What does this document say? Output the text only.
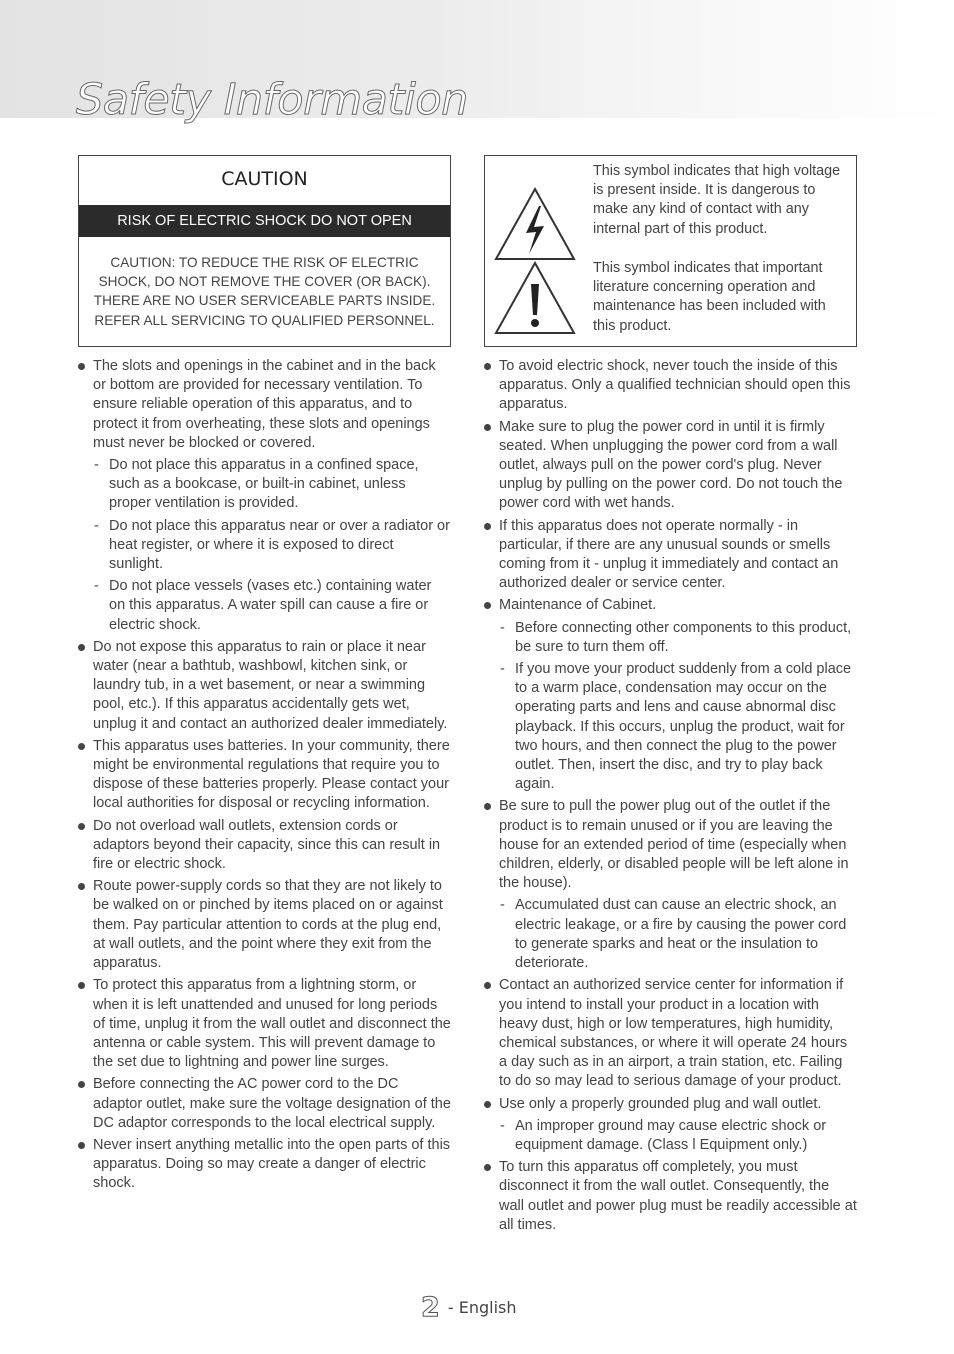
Safety Information
CAUTION
RISK OF ELECTRIC SHOCK DO NOT OPEN
CAUTION: TO REDUCE THE RISK OF ELECTRIC SHOCK, DO NOT REMOVE THE COVER (OR BACK). THERE ARE NO USER SERVICEABLE PARTS INSIDE. REFER ALL SERVICING TO QUALIFIED PERSONNEL.
This symbol indicates that high voltage is present inside. It is dangerous to make any kind of contact with any internal part of this product.
This symbol indicates that important literature concerning operation and maintenance has been included with this product.
The slots and openings in the cabinet and in the back or bottom are provided for necessary ventilation. To ensure reliable operation of this apparatus, and to protect it from overheating, these slots and openings must never be blocked or covered.
- Do not place this apparatus in a confined space, such as a bookcase, or built-in cabinet, unless proper ventilation is provided.
- Do not place this apparatus near or over a radiator or heat register, or where it is exposed to direct sunlight.
- Do not place vessels (vases etc.) containing water on this apparatus. A water spill can cause a fire or electric shock.
Do not expose this apparatus to rain or place it near water (near a bathtub, washbowl, kitchen sink, or laundry tub, in a wet basement, or near a swimming pool, etc.). If this apparatus accidentally gets wet, unplug it and contact an authorized dealer immediately.
This apparatus uses batteries. In your community, there might be environmental regulations that require you to dispose of these batteries properly. Please contact your local authorities for disposal or recycling information.
Do not overload wall outlets, extension cords or adaptors beyond their capacity, since this can result in fire or electric shock.
Route power-supply cords so that they are not likely to be walked on or pinched by items placed on or against them. Pay particular attention to cords at the plug end, at wall outlets, and the point where they exit from the apparatus.
To protect this apparatus from a lightning storm, or when it is left unattended and unused for long periods of time, unplug it from the wall outlet and disconnect the antenna or cable system. This will prevent damage to the set due to lightning and power line surges.
Before connecting the AC power cord to the DC adaptor outlet, make sure the voltage designation of the DC adaptor corresponds to the local electrical supply.
Never insert anything metallic into the open parts of this apparatus. Doing so may create a danger of electric shock.
To avoid electric shock, never touch the inside of this apparatus. Only a qualified technician should open this apparatus.
Make sure to plug the power cord in until it is firmly seated. When unplugging the power cord from a wall outlet, always pull on the power cord's plug. Never unplug by pulling on the power cord. Do not touch the power cord with wet hands.
If this apparatus does not operate normally - in particular, if there are any unusual sounds or smells coming from it - unplug it immediately and contact an authorized dealer or service center.
Maintenance of Cabinet.
- Before connecting other components to this product, be sure to turn them off.
- If you move your product suddenly from a cold place to a warm place, condensation may occur on the operating parts and lens and cause abnormal disc playback. If this occurs, unplug the product, wait for two hours, and then connect the plug to the power outlet. Then, insert the disc, and try to play back again.
Be sure to pull the power plug out of the outlet if the product is to remain unused or if you are leaving the house for an extended period of time (especially when children, elderly, or disabled people will be left alone in the house).
- Accumulated dust can cause an electric shock, an electric leakage, or a fire by causing the power cord to generate sparks and heat or the insulation to deteriorate.
Contact an authorized service center for information if you intend to install your product in a location with heavy dust, high or low temperatures, high humidity, chemical substances, or where it will operate 24 hours a day such as in an airport, a train station, etc. Failing to do so may lead to serious damage of your product.
Use only a properly grounded plug and wall outlet.
- An improper ground may cause electric shock or equipment damage. (Class l Equipment only.)
To turn this apparatus off completely, you must disconnect it from the wall outlet. Consequently, the wall outlet and power plug must be readily accessible at all times.
2 - English
